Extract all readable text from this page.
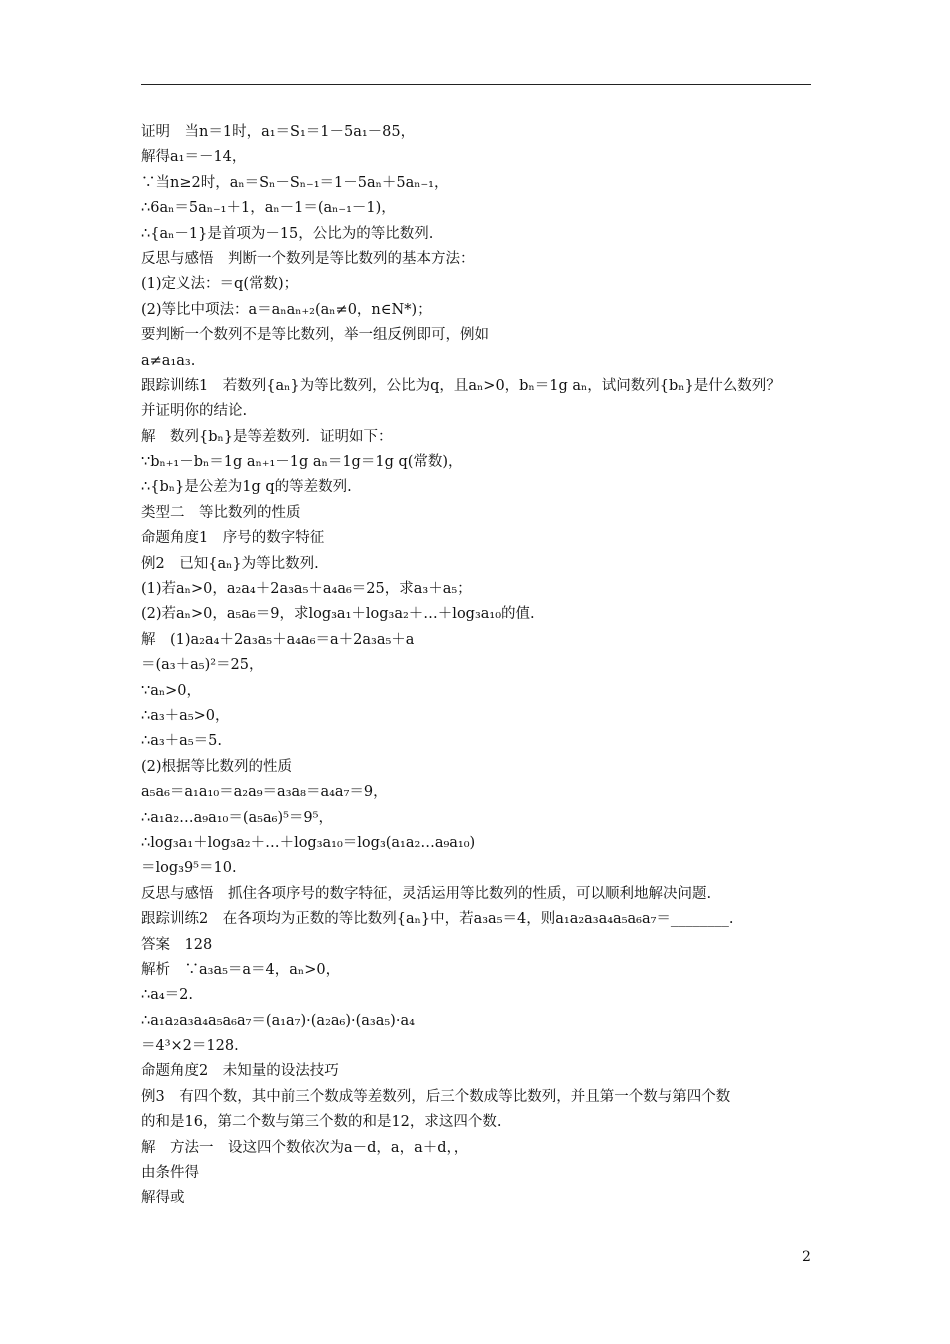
证明　当n＝1时，a₁＝S₁＝1－5a₁－85，
解得a₁＝－14，
∵当n≥2时，aₙ＝Sₙ－Sₙ₋₁＝1－5aₙ＋5aₙ₋₁，
∴6aₙ＝5aₙ₋₁＋1，aₙ－1＝(aₙ₋₁－1)，
∴{aₙ－1}是首项为－15，公比为的等比数列.
反思与感悟　判断一个数列是等比数列的基本方法：
(1)定义法：＝q(常数)；
(2)等比中项法：a＝aₙaₙ₊₂(aₙ≠0，n∈N*)；
要判断一个数列不是等比数列，举一组反例即可，例如
a≠a₁a₃.
跟踪训练1　若数列{aₙ}为等比数列，公比为q，且aₙ>0，bₙ＝1g aₙ，试问数列{bₙ}是什么数列？
并证明你的结论.
解　数列{bₙ}是等差数列．证明如下：
∵bₙ₊₁－bₙ＝1g aₙ₊₁－1g aₙ＝1g＝1g q(常数)，
∴{bₙ}是公差为1g q的等差数列.
类型二　等比数列的性质
命题角度1　序号的数字特征
例2　已知{aₙ}为等比数列.
(1)若aₙ>0，a₂a₄＋2a₃a₅＋a₄a₆＝25，求a₃＋a₅；
(2)若aₙ>0，a₅a₆＝9，求log₃a₁＋log₃a₂＋…＋log₃a₁₀的值.
解　(1)a₂a₄＋2a₃a₅＋a₄a₆＝a＋2a₃a₅＋a
＝(a₃＋a₅)²＝25，
∵aₙ>0，
∴a₃＋a₅>0，
∴a₃＋a₅＝5.
(2)根据等比数列的性质
a₅a₆＝a₁a₁₀＝a₂a₉＝a₃a₈＝a₄a₇＝9，
∴a₁a₂…a₉a₁₀＝(a₅a₆)⁵＝9⁵，
∴log₃a₁＋log₃a₂＋…＋log₃a₁₀＝log₃(a₁a₂…a₉a₁₀)
＝log₃9⁵＝10.
反思与感悟　抓住各项序号的数字特征，灵活运用等比数列的性质，可以顺利地解决问题.
跟踪训练2　在各项均为正数的等比数列{aₙ}中，若a₃a₅＝4，则a₁a₂a₃a₄a₅a₆a₇＝________.
答案　128
解析　∵a₃a₅＝a＝4，aₙ>0，
∴a₄＝2.
∴a₁a₂a₃a₄a₅a₆a₇＝(a₁a₇)·(a₂a₆)·(a₃a₅)·a₄
＝4³×2＝128.
命题角度2　未知量的设法技巧
例3　有四个数，其中前三个数成等差数列，后三个数成等比数列，并且第一个数与第四个数
的和是16，第二个数与第三个数的和是12，求这四个数.
解　方法一　设这四个数依次为a－d，a，a＋d，，
由条件得
解得或
2
